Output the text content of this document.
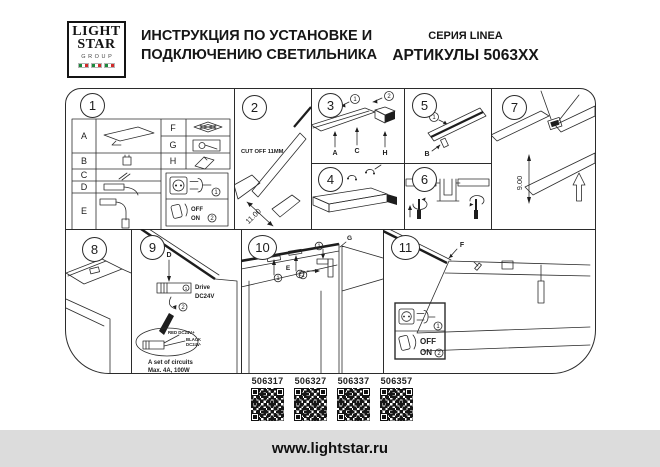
LIGHT
STAR
GROUP
ИНСТРУКЦИЯ ПО УСТАНОВКЕ И
ПОДКЛЮЧЕНИЮ СВЕТИЛЬНИКА
СЕРИЯ LINEA
АРТИКУЛЫ 5063XX
1	2	3
4
5
6
7
8	9	10	11
A
B
C
D
E
F
G
H
1
OFF
ON 2
CUT OFF 11MM
11.00
A C	H
1	2
1
B
9.00
D
1 Drive
DC24V
2
RED DC24V+
BLACK
DC24V-
A set of circuits
Max. 4A, 100W
1
E
2
1
2
G
F
1
OFF
ON 2
506317 506327 506337 506357
www.lightstar.ru
